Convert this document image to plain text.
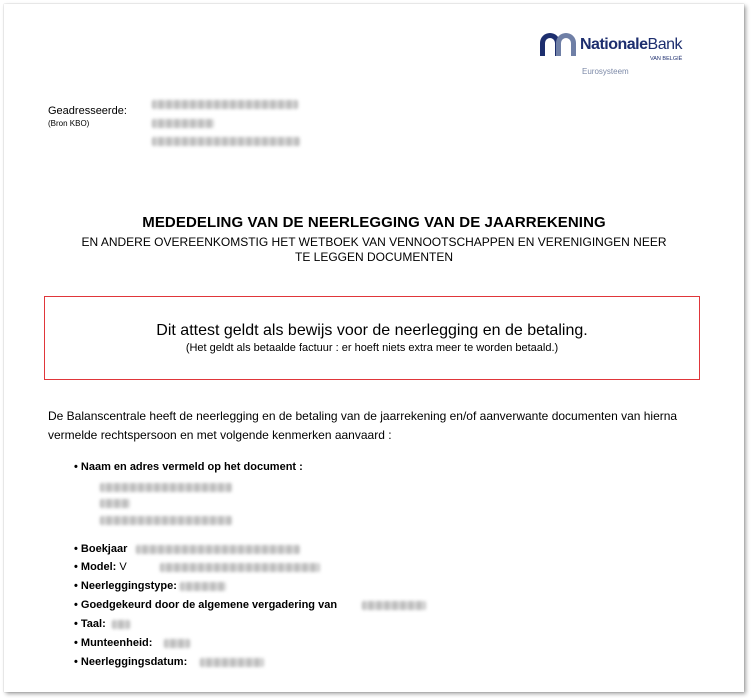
NationaleBank
VAN BELGIË
Eurosysteem
Geadresseerde:
(Bron KBO)
MEDEDELING VAN DE NEERLEGGING VAN DE JAARREKENING
EN ANDERE OVEREENKOMSTIG HET WETBOEK VAN VENNOOTSCHAPPEN EN VERENIGINGEN NEER
TE LEGGEN DOCUMENTEN
Dit attest geldt als bewijs voor de neerlegging en de betaling.
(Het geldt als betaalde factuur : er hoeft niets extra meer te worden betaald.)
De Balanscentrale heeft de neerlegging en de betaling van de jaarrekening en/of aanverwante documenten van hierna vermelde rechtspersoon en met volgende kenmerken aanvaard :
• Naam en adres vermeld op het document :
• Boekjaar
• Model: V
• Neerleggingstype:
• Goedgekeurd door de algemene vergadering van
• Taal:
• Munteenheid:
• Neerleggingsdatum:
